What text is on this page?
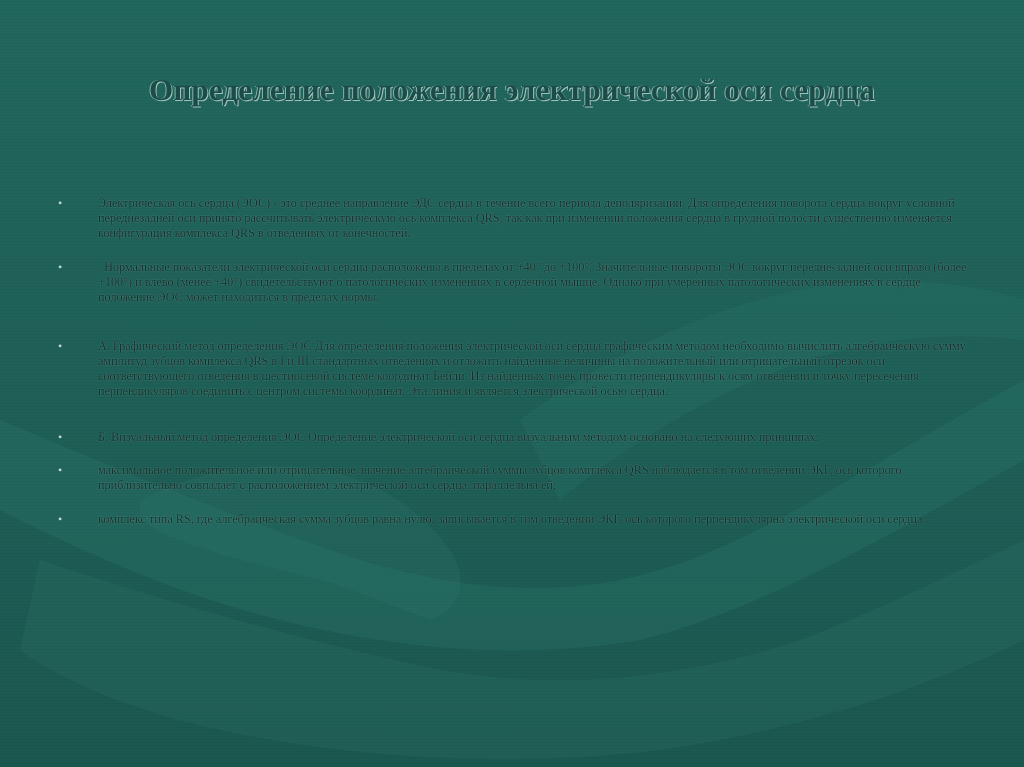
Определение положения электрической оси сердца
•	Электрическая ось сердца (ЭОС) - это среднее направление ЭДС сердца в течение всего периода деполяризации. Для определения поворота сердца вокруг условной переднезадней оси принято рассчитывать электрическую ось комплекса QRS, так как при изменении положения сердца в грудной полости существенно изменяется конфигурация комплекса QRS в отведениях от конечностей.
•	. Нормальные показатели электрической оси сердца расположены в пределах от +40° до +100°. Значительные повороты ЭОС вокруг передне-задней оси вправо (более +100°) и влево (менее +40°) свидетельствуют о патологических изменениях в сердечной мышце. Однако при умеренных патологических изменениях в сердце положение ЭОС может находиться в пределах нормы.
•	А. Графический метод определения ЭОС Для определения положения электрической оси сердца графическим методом необходимо вычислить алгебраическую сумму амплитуд зубцов комплекса QRS в I и III стандартных отведениях и отложить найденные величины на положительный или отрицательный отрезок оси соответствующего отведения в шестиосевой системе координат Бейли. Из найденных точек провести перпендикуляры к осям отведении и точку пересечения перпендикуляров соединить с центром системы координат. Эта линия и является электрической осью сердца.
•	Б. Визуальный метод определения ЭОС Определение электрической оси сердца визуальным методом основано на следующих принципах:
•	максимальное положительное или отрицательное значение алгебраической суммы зубцов комплекса QRS наблюдается в том отведении ЭКГ, ось которого приблизительно совпадает с расположением электрической оси сердца, параллельна ей;
•	комплекс типа RS, где алгебраическая сумма зубцов равна нулю, записывается в том отведении ЭКГ, ось которого перпендикулярна электрической оси сердца .
